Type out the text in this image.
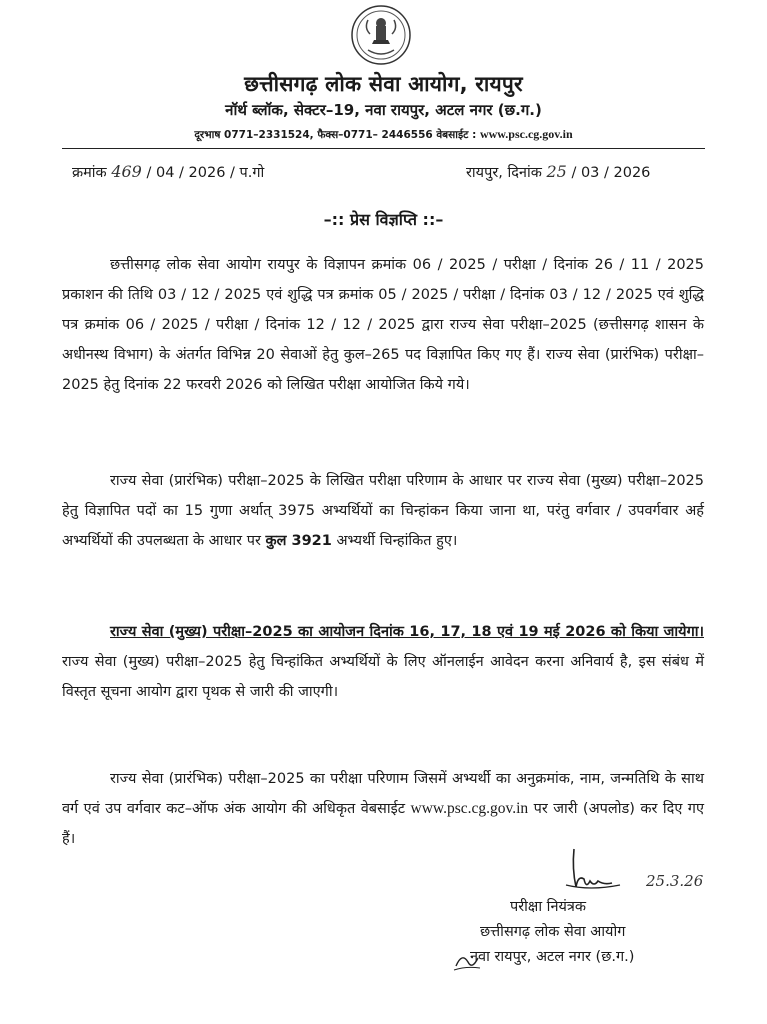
छत्तीसगढ़ लोक सेवा आयोग, रायपुर
नॉर्थ ब्लॉक, सेक्टर–19, नवा रायपुर, अटल नगर (छ.ग.)
दूरभाष 0771–2331524, फैक्स–0771– 2446556 वेबसाईट : www.psc.cg.gov.in
क्रमांक 469 / 04 / 2026 / प.गो	रायपुर, दिनांक 25 / 03 / 2026
–:: प्रेस विज्ञप्ति ::–
छत्तीसगढ़ लोक सेवा आयोग रायपुर के विज्ञापन क्रमांक 06 / 2025 / परीक्षा / दिनांक 26 / 11 / 2025 प्रकाशन की तिथि 03 / 12 / 2025 एवं शुद्धि पत्र क्रमांक 05 / 2025 / परीक्षा / दिनांक 03 / 12 / 2025 एवं शुद्धि पत्र क्रमांक 06 / 2025 / परीक्षा / दिनांक 12 / 12 / 2025 द्वारा राज्य सेवा परीक्षा–2025 (छत्तीसगढ़ शासन के अधीनस्थ विभाग) के अंतर्गत विभिन्न 20 सेवाओं हेतु कुल–265 पद विज्ञापित किए गए हैं। राज्य सेवा (प्रारंभिक) परीक्षा–2025 हेतु दिनांक 22 फरवरी 2026 को लिखित परीक्षा आयोजित किये गये।
राज्य सेवा (प्रारंभिक) परीक्षा–2025 के लिखित परीक्षा परिणाम के आधार पर राज्य सेवा (मुख्य) परीक्षा–2025 हेतु विज्ञापित पदों का 15 गुणा अर्थात् 3975 अभ्यर्थियों का चिन्हांकन किया जाना था, परंतु वर्गवार / उपवर्गवार अर्ह अभ्यर्थियों की उपलब्धता के आधार पर कुल 3921 अभ्यर्थी चिन्हांकित हुए।
राज्य सेवा (मुख्य) परीक्षा–2025 का आयोजन दिनांक 16, 17, 18 एवं 19 मई 2026 को किया जायेगा। राज्य सेवा (मुख्य) परीक्षा–2025 हेतु चिन्हांकित अभ्यर्थियों के लिए ऑनलाईन आवेदन करना अनिवार्य है, इस संबंध में विस्तृत सूचना आयोग द्वारा पृथक से जारी की जाएगी।
राज्य सेवा (प्रारंभिक) परीक्षा–2025 का परीक्षा परिणाम जिसमें अभ्यर्थी का अनुक्रमांक, नाम, जन्मतिथि के साथ वर्ग एवं उप वर्गवार कट–ऑफ अंक आयोग की अधिकृत वेबसाईट www.psc.cg.gov.in पर जारी (अपलोड) कर दिए गए हैं।
25.3.26
परीक्षा नियंत्रक
छत्तीसगढ़ लोक सेवा आयोग
नवा रायपुर, अटल नगर (छ.ग.)
